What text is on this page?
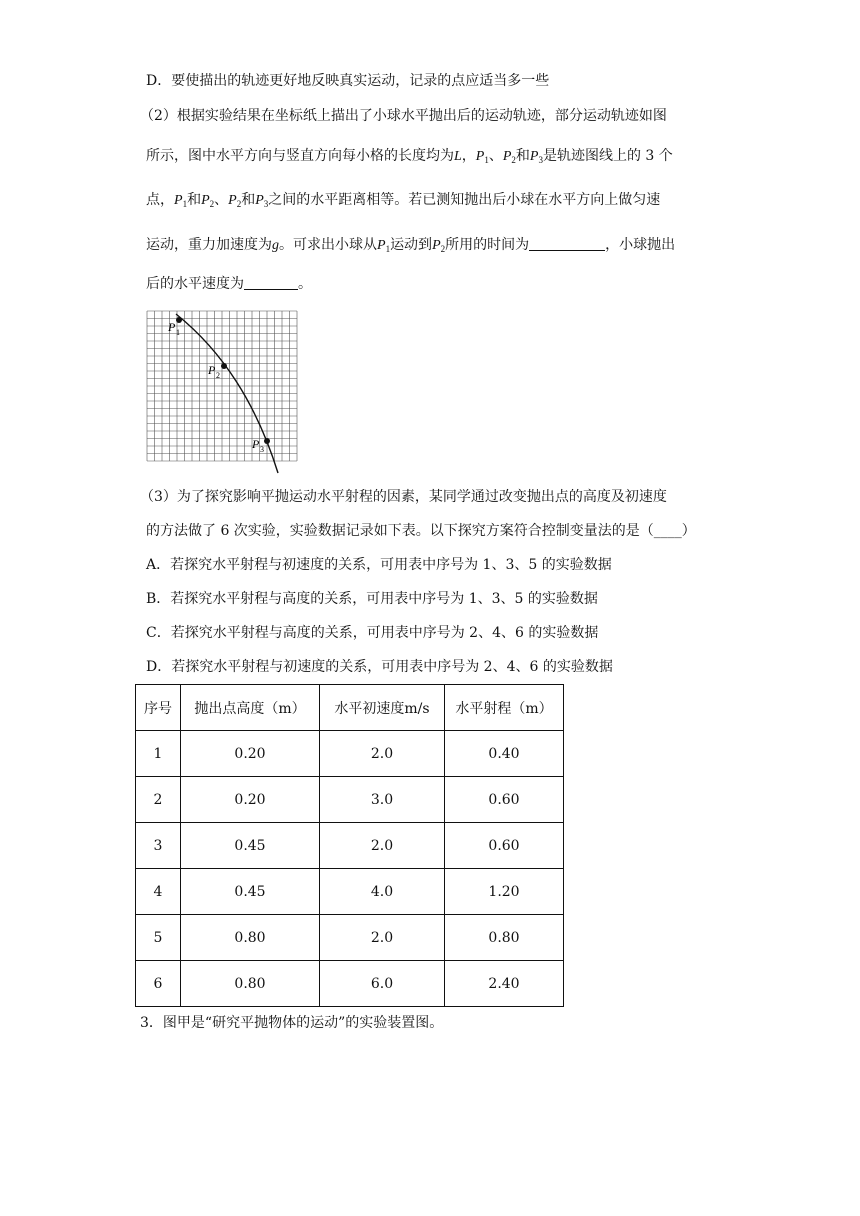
D．要使描出的轨迹更好地反映真实运动，记录的点应适当多一些
（2）根据实验结果在坐标纸上描出了小球水平抛出后的运动轨迹，部分运动轨迹如图
所示，图中水平方向与竖直方向每小格的长度均为L，$P_1$、$P_2$和$P_3$是轨迹图线上的 3 个
点，$P_1$和$P_2$、$P_2$和$P_3$之间的水平距离相等。若已测知抛出后小球在水平方向上做匀速
运动，重力加速度为g。可求出小球从$P_1$运动到$P_2$所用的时间为	，小球抛出
后的水平速度为	。
P 1
P 2
P 3
（3）为了探究影响平抛运动水平射程的因素，某同学通过改变抛出点的高度及初速度
的方法做了 6 次实验，实验数据记录如下表。以下探究方案符合控制变量法的是（____）
A．若探究水平射程与初速度的关系，可用表中序号为 1、3、5 的实验数据
B．若探究水平射程与高度的关系，可用表中序号为 1、3、5 的实验数据
C．若探究水平射程与高度的关系，可用表中序号为 2、4、6 的实验数据
D．若探究水平射程与初速度的关系，可用表中序号为 2、4、6 的实验数据
序号	抛出点高度（m）	水平初速度m/s	水平射程（m）
1	0.20	2.0	0.40
2	0.20	3.0	0.60
3	0.45	2.0	0.60
4	0.45	4.0	1.20
5	0.80	2.0	0.80
6	0.80	6.0	2.40
3．图甲是“研究平抛物体的运动”的实验装置图。
